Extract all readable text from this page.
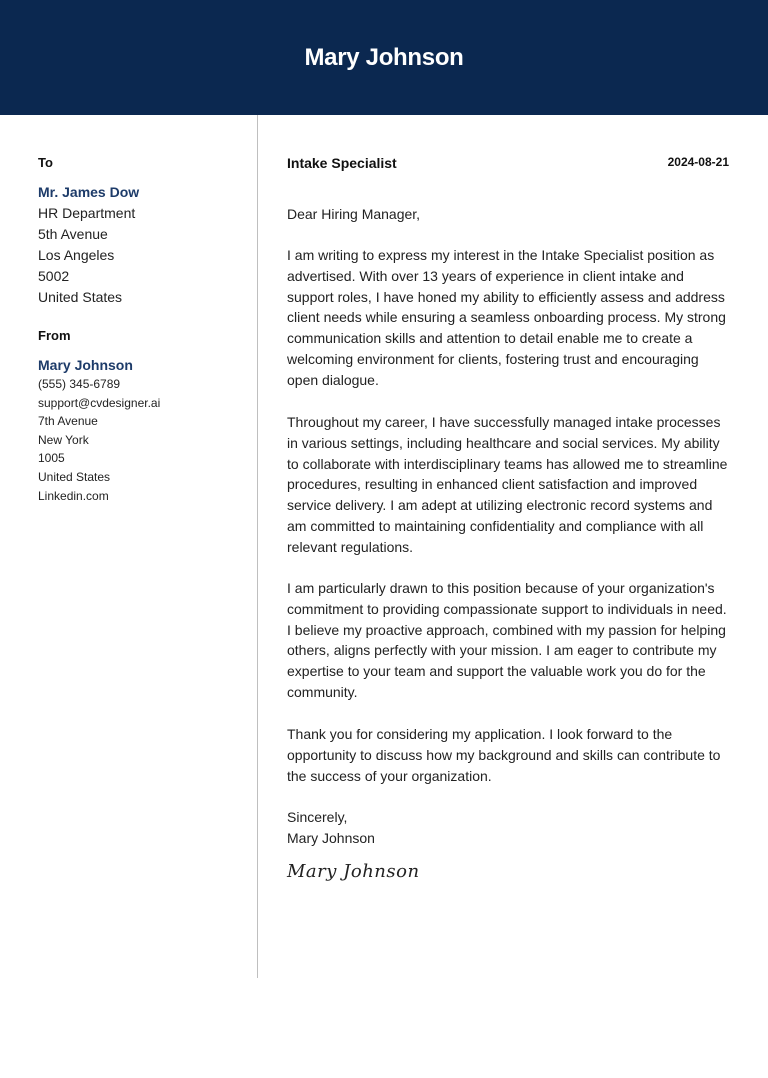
Mary Johnson
To
Mr. James Dow
HR Department
5th Avenue
Los Angeles
5002
United States
From
Mary Johnson
(555) 345-6789
support@cvdesigner.ai
7th Avenue
New York
1005
United States
Linkedin.com
Intake Specialist	2024-08-21
Dear Hiring Manager,

I am writing to express my interest in the Intake Specialist position as advertised. With over 13 years of experience in client intake and support roles, I have honed my ability to efficiently assess and address client needs while ensuring a seamless onboarding process. My strong communication skills and attention to detail enable me to create a welcoming environment for clients, fostering trust and encouraging open dialogue.

Throughout my career, I have successfully managed intake processes in various settings, including healthcare and social services. My ability to collaborate with interdisciplinary teams has allowed me to streamline procedures, resulting in enhanced client satisfaction and improved service delivery. I am adept at utilizing electronic record systems and am committed to maintaining confidentiality and compliance with all relevant regulations.

I am particularly drawn to this position because of your organization's commitment to providing compassionate support to individuals in need. I believe my proactive approach, combined with my passion for helping others, aligns perfectly with your mission. I am eager to contribute my expertise to your team and support the valuable work you do for the community.

Thank you for considering my application. I look forward to the opportunity to discuss how my background and skills can contribute to the success of your organization.

Sincerely,
Mary Johnson
Mary Johnson
